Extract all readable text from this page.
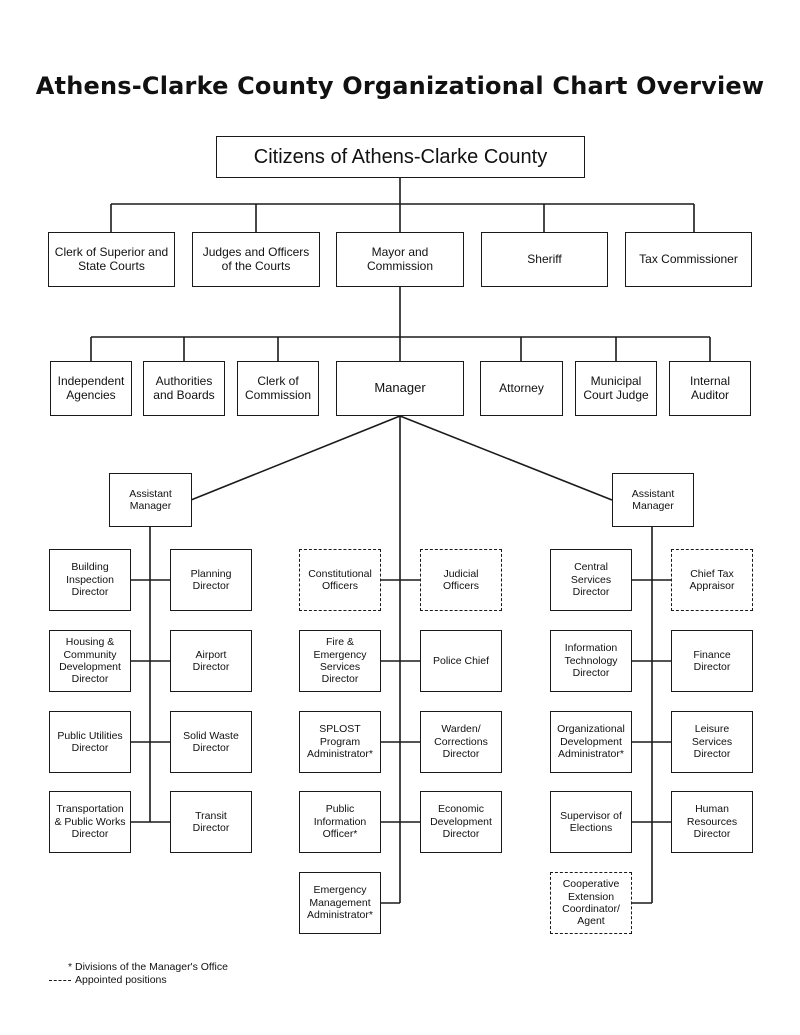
Athens-Clarke County Organizational Chart Overview
Citizens of Athens-Clarke County
Clerk of Superior and
State Courts
Judges and Officers
of the Courts
Mayor and
Commission	Sheriff	Tax Commissioner
Independent
Agencies
Authorities
and Boards
Clerk of
Commission	Manager	Attorney	Municipal
Court Judge
Internal
Auditor
Assistant
Manager
Assistant
Manager
Building
Inspection
Director
Planning
Director
Housing &
Community
Development
Director
Airport
Director
Public Utilities
Director
Solid Waste
Director
Transportation
& Public Works
Director
Transit
Director
Constitutional
Officers
Judicial
Officers
Fire &
Emergency
Services
Director
Police Chief
SPLOST
Program
Administrator*
Warden/
Corrections
Director
Public
Information
Officer*
Economic
Development
Director
Emergency
Management
Administrator*
Central
Services
Director
Chief Tax
Appraisor
Information
Technology
Director
Finance
Director
Organizational
Development
Administrator*
Leisure
Services
Director
Supervisor of
Elections
Human
Resources
Director
Cooperative
Extension
Coordinator/
Agent
* Divisions of the Manager's Office
Appointed positions
